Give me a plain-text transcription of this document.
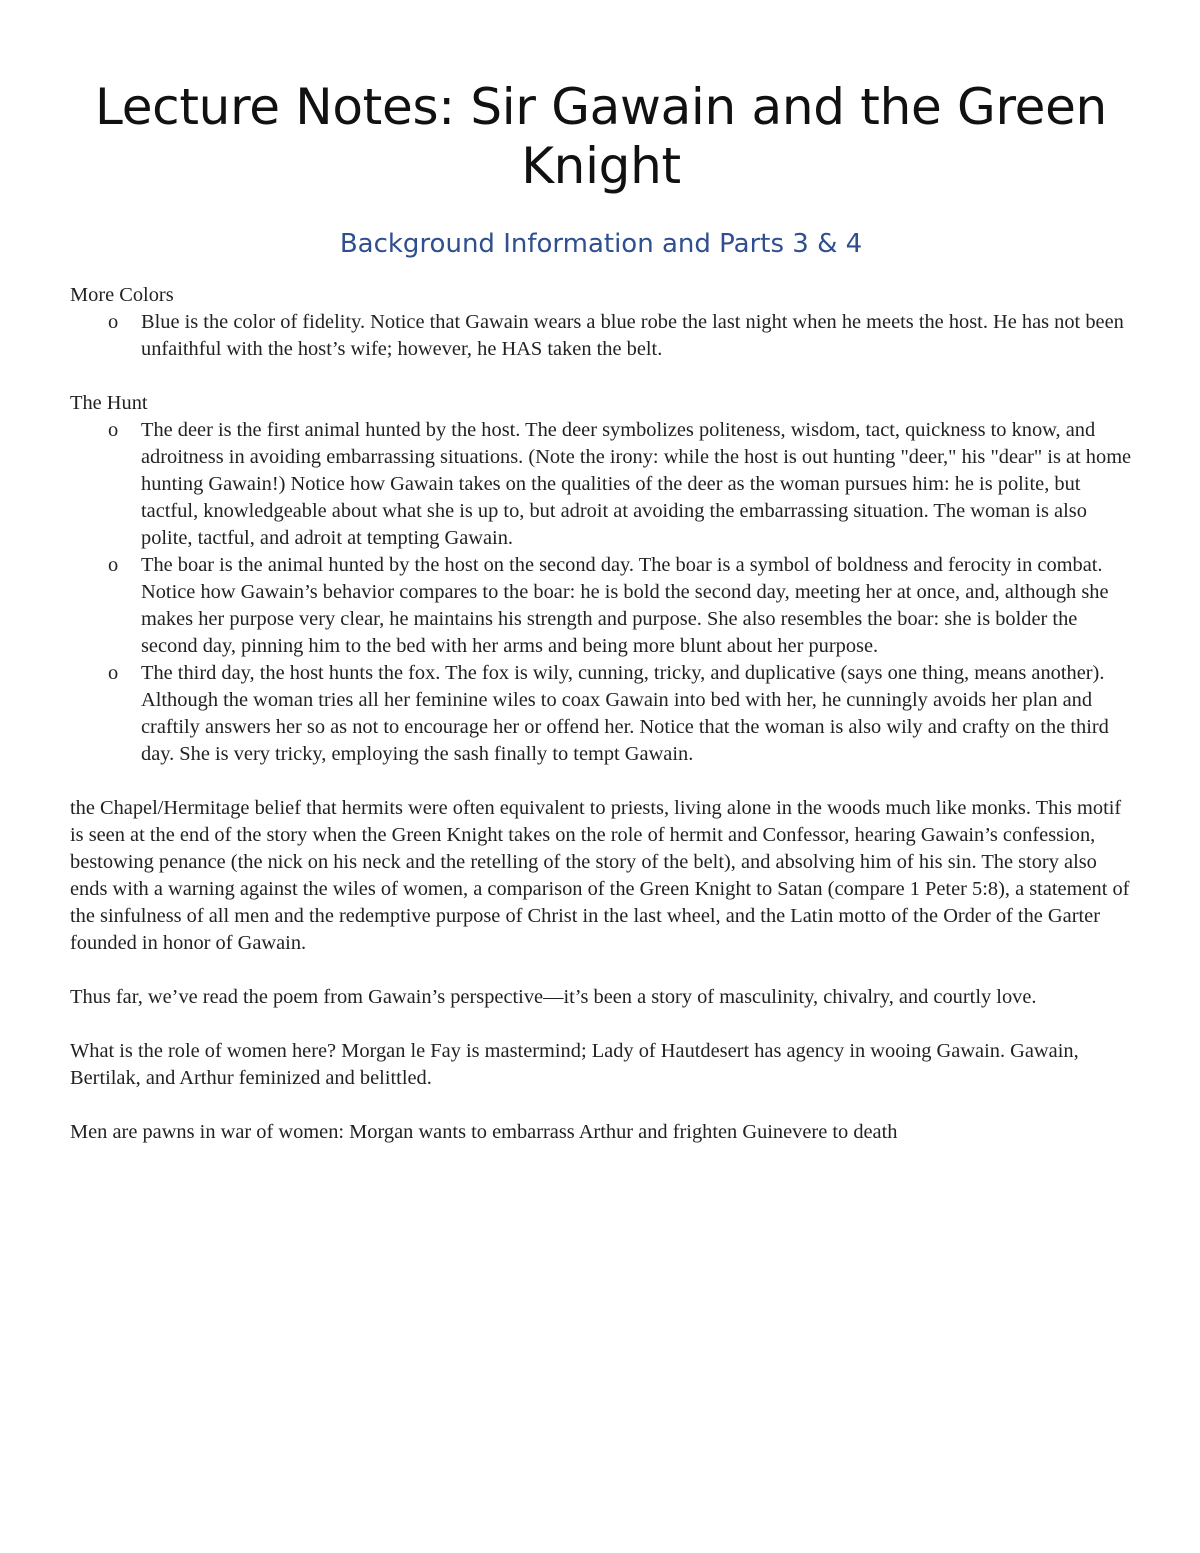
Lecture Notes: Sir Gawain and the Green Knight
Background Information and Parts 3 & 4

More Colors

o Blue is the color of fidelity. Notice that Gawain wears a blue robe the last night when he meets the host. He has not been unfaithful with the host’s wife; however, he HAS taken the belt.

The Hunt

o The deer is the first animal hunted by the host. The deer symbolizes politeness, wisdom, tact, quickness to know, and adroitness in avoiding embarrassing situations. (Note the irony: while the host is out hunting "deer," his "dear" is at home hunting Gawain!) Notice how Gawain takes on the qualities of the deer as the woman pursues him: he is polite, but tactful, knowledgeable about what she is up to, but adroit at avoiding the embarrassing situation. The woman is also polite, tactful, and adroit at tempting Gawain.
o The boar is the animal hunted by the host on the second day. The boar is a symbol of boldness and ferocity in combat. Notice how Gawain’s behavior compares to the boar: he is bold the second day, meeting her at once, and, although she makes her purpose very clear, he maintains his strength and purpose. She also resembles the boar: she is bolder the second day, pinning him to the bed with her arms and being more blunt about her purpose.
o The third day, the host hunts the fox. The fox is wily, cunning, tricky, and duplicative (says one thing, means another). Although the woman tries all her feminine wiles to coax Gawain into bed with her, he cunningly avoids her plan and craftily answers her so as not to encourage her or offend her. Notice that the woman is also wily and crafty on the third day. She is very tricky, employing the sash finally to tempt Gawain.

the Chapel/Hermitage belief that hermits were often equivalent to priests, living alone in the woods much like monks. This motif is seen at the end of the story when the Green Knight takes on the role of hermit and Confessor, hearing Gawain’s confession, bestowing penance (the nick on his neck and the retelling of the story of the belt), and absolving him of his sin. The story also ends with a warning against the wiles of women, a comparison of the Green Knight to Satan (compare 1 Peter 5:8), a statement of the sinfulness of all men and the redemptive purpose of Christ in the last wheel, and the Latin motto of the Order of the Garter founded in honor of Gawain.

Thus far, we’ve read the poem from Gawain’s perspective—it’s been a story of masculinity, chivalry, and courtly love.

What is the role of women here? Morgan le Fay is mastermind; Lady of Hautdesert has agency in wooing Gawain. Gawain, Bertilak, and Arthur feminized and belittled.

Men are pawns in war of women: Morgan wants to embarrass Arthur and frighten Guinevere to death
